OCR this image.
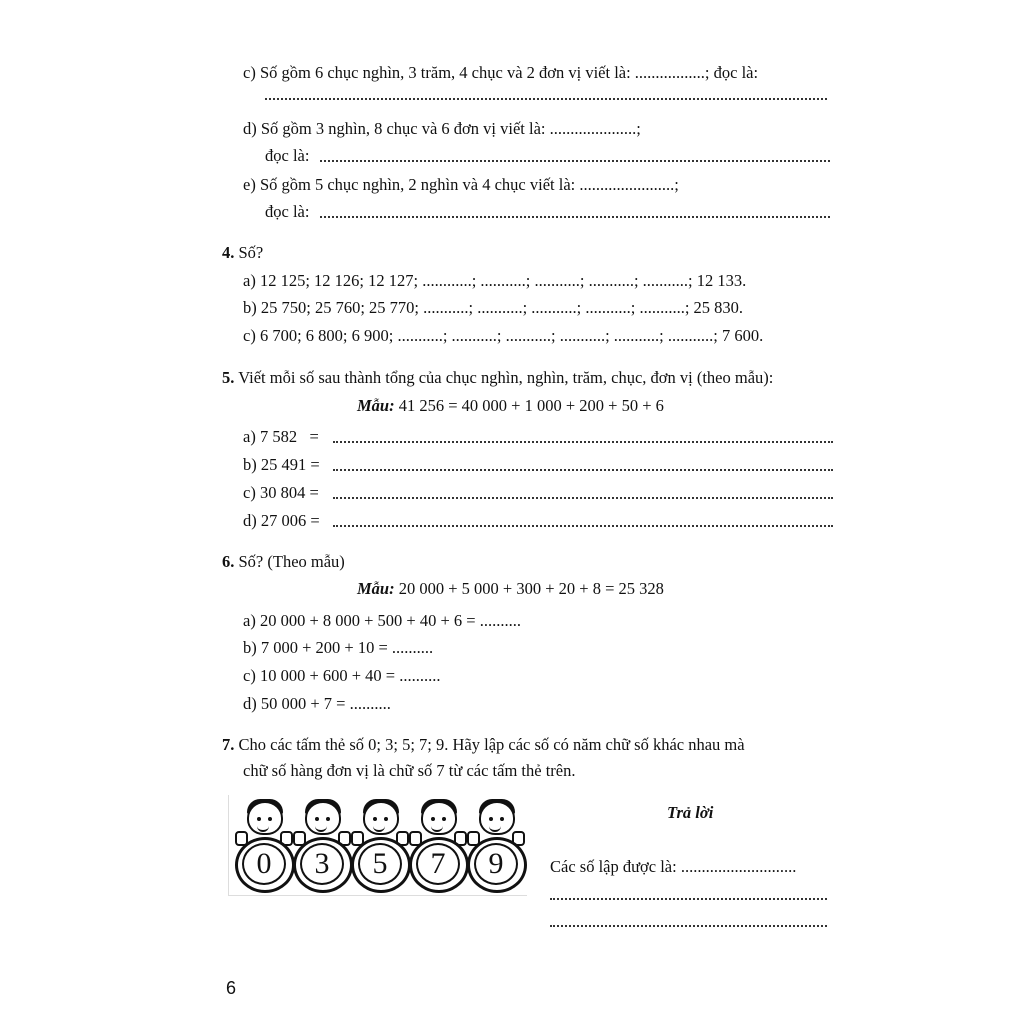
c) Số gồm 6 chục nghìn, 3 trăm, 4 chục và 2 đơn vị viết là: .................; đọc là:
d) Số gồm 3 nghìn, 8 chục và 6 đơn vị viết là: .....................;
đọc là:
e) Số gồm 5 chục nghìn, 2 nghìn và 4 chục viết là: .......................;
đọc là:
4. Số?
a) 12 125; 12 126; 12 127; ............; ...........; ...........; ...........; ...........; 12 133.
b) 25 750; 25 760; 25 770; ...........; ...........; ...........; ...........; ...........; 25 830.
c) 6 700; 6 800; 6 900; ...........; ...........; ...........; ...........; ...........; ...........; 7 600.
5. Viết mỗi số sau thành tổng của chục nghìn, nghìn, trăm, chục, đơn vị (theo mẫu):
Mẫu: 41 256 = 40 000 + 1 000 + 200 + 50 + 6
a) 7 582   =
b) 25 491 =
c) 30 804 =
d) 27 006 =
6. Số? (Theo mẫu)
Mẫu: 20 000 + 5 000 + 300 + 20 + 8 = 25 328
a) 20 000 + 8 000 + 500 + 40 + 6 = ..........
b) 7 000 + 200 + 10 = ..........
c) 10 000 + 600 + 40 = ..........
d) 50 000 + 7 = ..........
7. Cho các tấm thẻ số 0; 3; 5; 7; 9. Hãy lập các số có năm chữ số khác nhau mà
chữ số hàng đơn vị là chữ số 7 từ các tấm thẻ trên.
0	3	5	7	9
Trả lời
Các số lập được là: ............................
6
